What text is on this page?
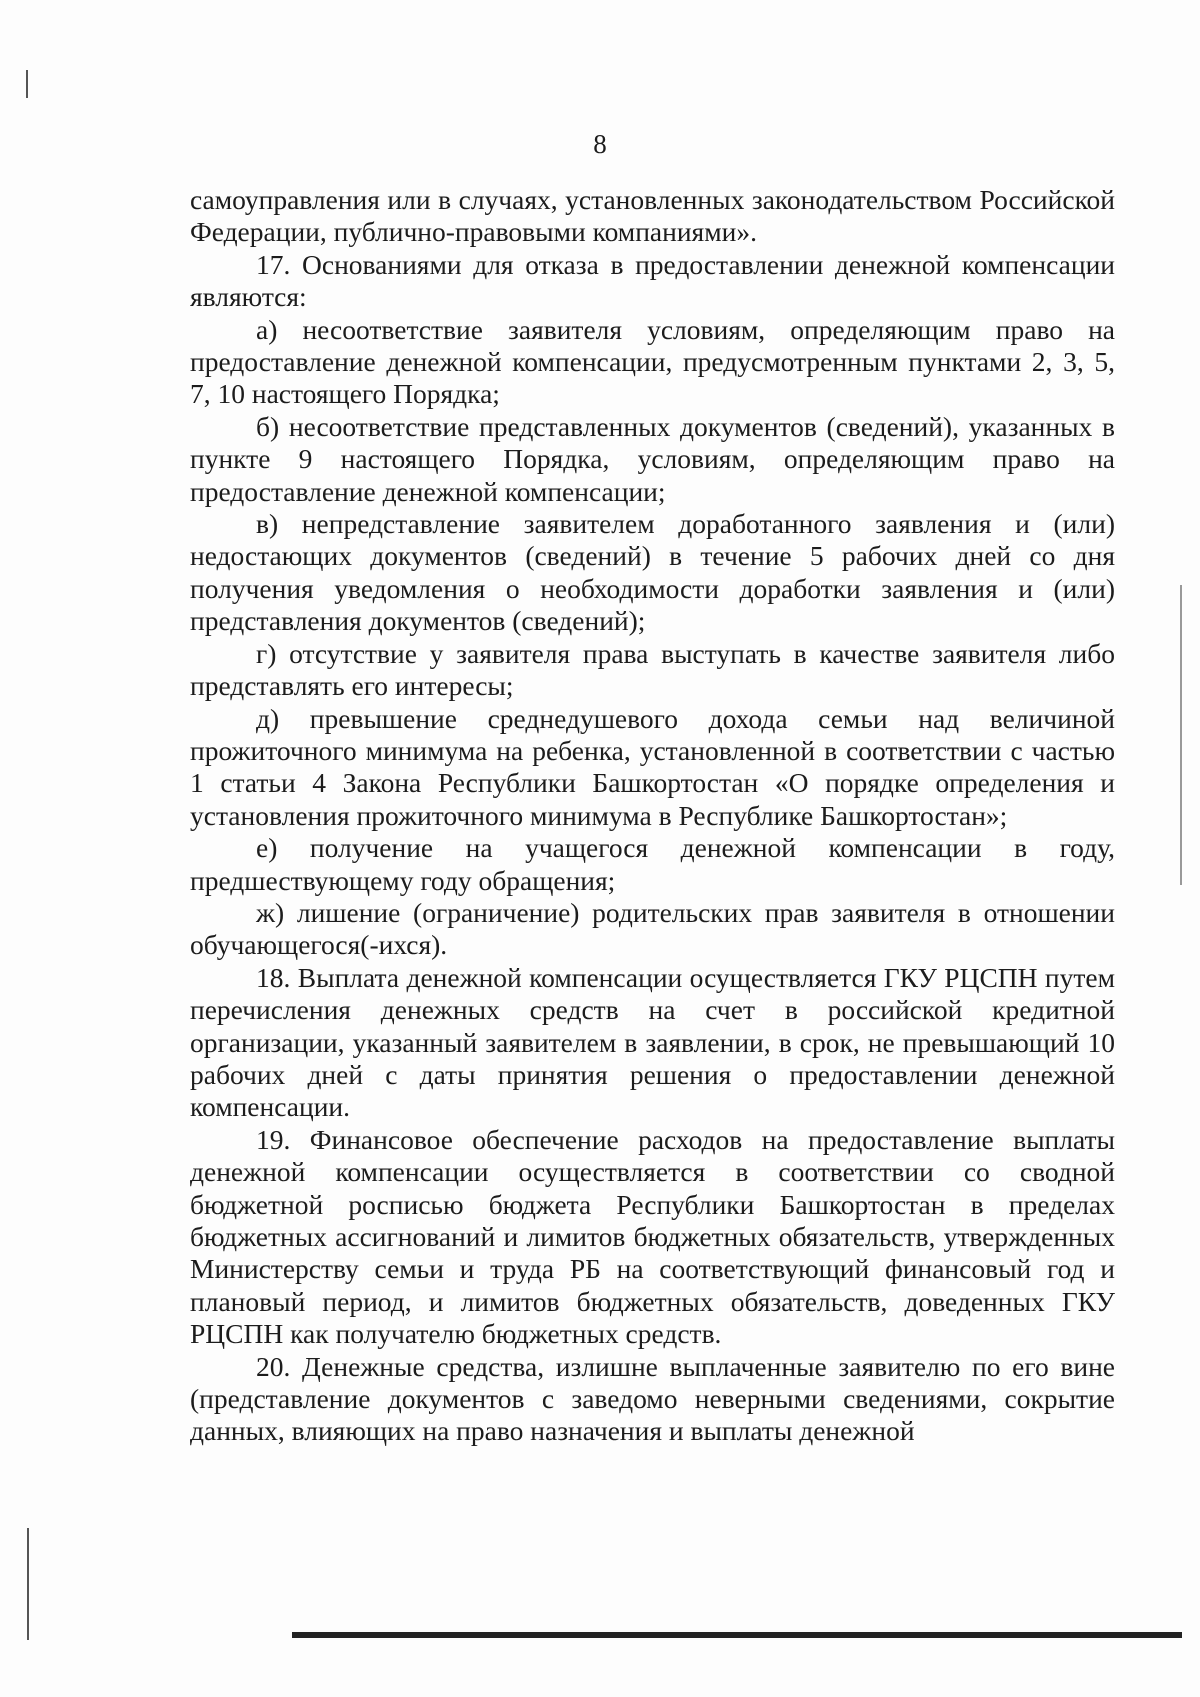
8

самоуправления или в случаях, установленных законодательством Российской Федерации, публично-правовыми компаниями».

17. Основаниями для отказа в предоставлении денежной компенсации являются:

а) несоответствие заявителя условиям, определяющим право на предоставление денежной компенсации, предусмотренным пунктами 2, 3, 5, 7, 10 настоящего Порядка;

б) несоответствие представленных документов (сведений), указанных в пункте 9 настоящего Порядка, условиям, определяющим право на предоставление денежной компенсации;

в) непредставление заявителем доработанного заявления и (или) недостающих документов (сведений) в течение 5 рабочих дней со дня получения уведомления о необходимости доработки заявления и (или) представления документов (сведений);

г) отсутствие у заявителя права выступать в качестве заявителя либо представлять его интересы;

д) превышение среднедушевого дохода семьи над величиной прожиточного минимума на ребенка, установленной в соответствии с частью 1 статьи 4 Закона Республики Башкортостан «О порядке определения и установления прожиточного минимума в Республике Башкортостан»;

е) получение на учащегося денежной компенсации в году, предшествующему году обращения;

ж) лишение (ограничение) родительских прав заявителя в отношении обучающегося(-ихся).

18. Выплата денежной компенсации осуществляется ГКУ РЦСПН путем перечисления денежных средств на счет в российской кредитной организации, указанный заявителем в заявлении, в срок, не превышающий 10 рабочих дней с даты принятия решения о предоставлении денежной компенсации.

19. Финансовое обеспечение расходов на предоставление выплаты денежной компенсации осуществляется в соответствии со сводной бюджетной росписью бюджета Республики Башкортостан в пределах бюджетных ассигнований и лимитов бюджетных обязательств, утвержденных Министерству семьи и труда РБ на соответствующий финансовый год и плановый период, и лимитов бюджетных обязательств, доведенных ГКУ РЦСПН как получателю бюджетных средств.

20. Денежные средства, излишне выплаченные заявителю по его вине (представление документов с заведомо неверными сведениями, сокрытие данных, влияющих на право назначения и выплаты денежной
